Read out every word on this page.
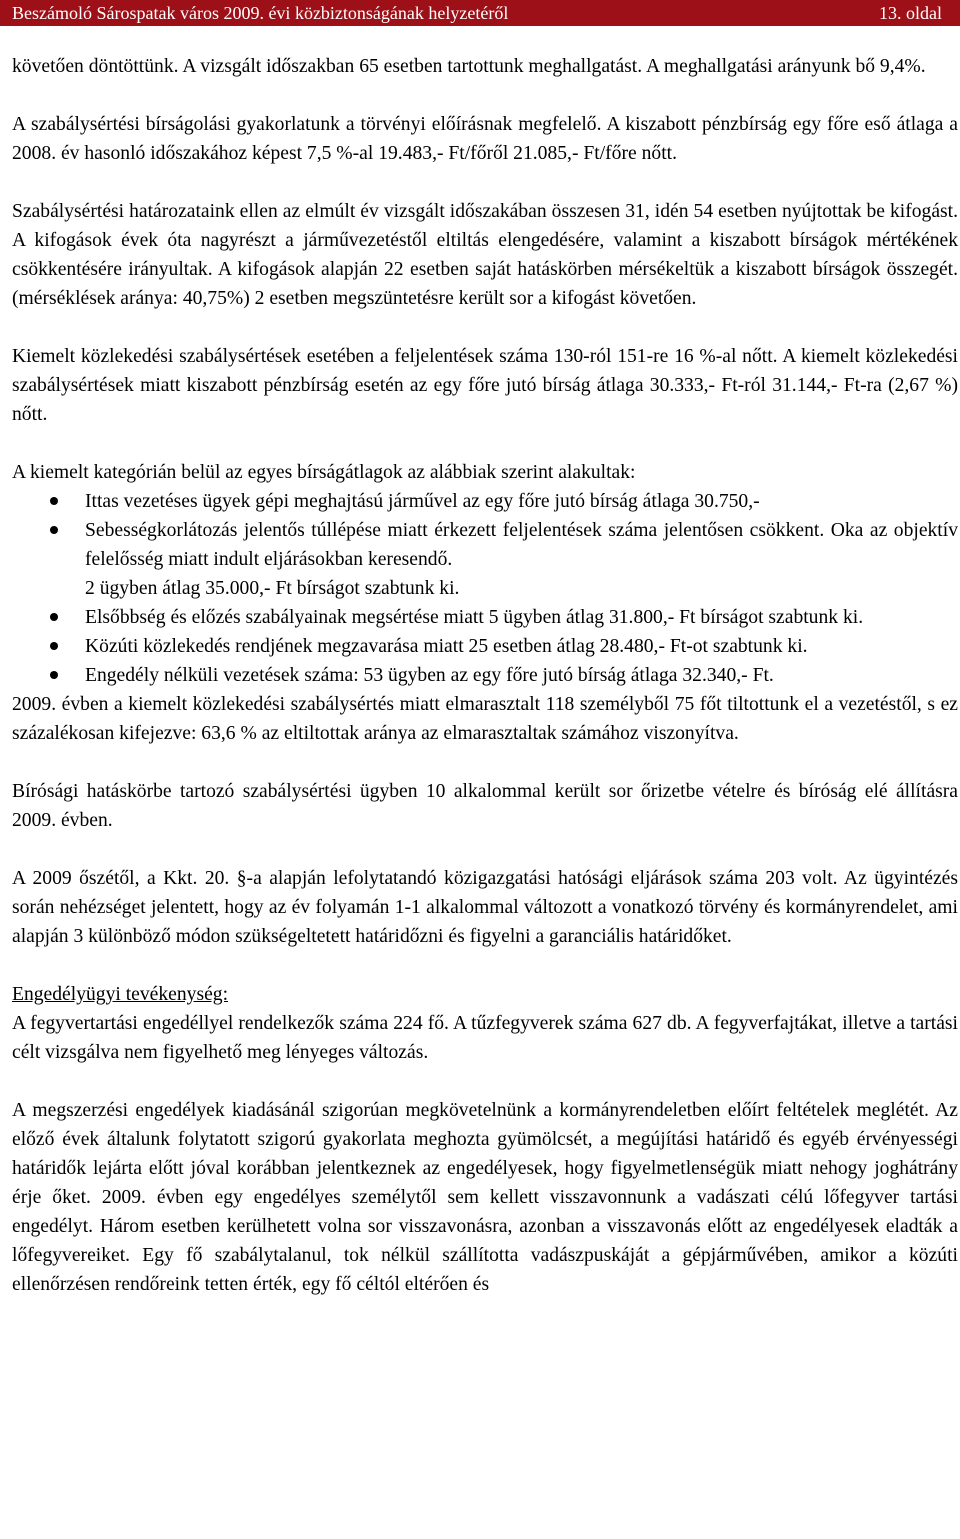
Beszámoló Sárospatak város 2009. évi közbiztonságának helyzetéről	13. oldal

követően döntöttünk. A vizsgált időszakban 65 esetben tartottunk meghallgatást. A meghallgatási arányunk bő 9,4%.

A szabálysértési bírságolási gyakorlatunk a törvényi előírásnak megfelelő. A kiszabott pénzbírság egy főre eső átlaga a 2008. év hasonló időszakához képest 7,5 %-al 19.483,- Ft/főről 21.085,- Ft/főre nőtt.

Szabálysértési határozataink ellen az elmúlt év vizsgált időszakában összesen 31, idén 54 esetben nyújtottak be kifogást. A kifogások évek óta nagyrészt a járművezetéstől eltiltás elengedésére, valamint a kiszabott bírságok mértékének csökkentésére irányultak. A kifogások alapján 22 esetben saját hatáskörben mérsékeltük a kiszabott bírságok összegét.(mérséklések aránya: 40,75%) 2 esetben megszüntetésre került sor a kifogást követően.

Kiemelt közlekedési szabálysértések esetében a feljelentések száma 130-ról 151-re 16 %-al nőtt. A kiemelt közlekedési szabálysértések miatt kiszabott pénzbírság esetén az egy főre jutó bírság átlaga 30.333,- Ft-ról 31.144,- Ft-ra (2,67 %) nőtt.

A kiemelt kategórián belül az egyes bírságátlagok az alábbiak szerint alakultak:

Ittas vezetéses ügyek gépi meghajtású járművel az egy főre jutó bírság átlaga 30.750,-
Sebességkorlátozás jelentős túllépése miatt érkezett feljelentések száma jelentősen csökkent. Oka az objektív felelősség miatt indult eljárásokban keresendő.
2 ügyben átlag 35.000,- Ft bírságot szabtunk ki.
Elsőbbség és előzés szabályainak megsértése miatt 5 ügyben átlag 31.800,- Ft bírságot szabtunk ki.
Közúti közlekedés rendjének megzavarása miatt 25 esetben átlag 28.480,- Ft-ot szabtunk ki.
Engedély nélküli vezetések száma: 53 ügyben az egy főre jutó bírság átlaga 32.340,- Ft.

2009. évben a kiemelt közlekedési szabálysértés miatt elmarasztalt 118 személyből 75 főt tiltottunk el a vezetéstől, s ez százalékosan kifejezve: 63,6 % az eltiltottak aránya az elmarasztaltak számához viszonyítva.

Bírósági hatáskörbe tartozó szabálysértési ügyben 10 alkalommal került sor őrizetbe vételre és bíróság elé állításra 2009. évben.

A 2009 őszétől, a Kkt. 20. §-a alapján lefolytatandó közigazgatási hatósági eljárások száma 203 volt. Az ügyintézés során nehézséget jelentett, hogy az év folyamán 1-1 alkalommal változott a vonatkozó törvény és kormányrendelet, ami alapján 3 különböző módon szükségeltetett határidőzni és figyelni a garanciális határidőket.

Engedélyügyi tevékenység:

A fegyvertartási engedéllyel rendelkezők száma 224 fő. A tűzfegyverek száma 627 db. A fegyverfajtákat, illetve a tartási célt vizsgálva nem figyelhető meg lényeges változás.

A megszerzési engedélyek kiadásánál szigorúan megkövetelnünk a kormányrendeletben előírt feltételek meglétét. Az előző évek általunk folytatott szigorú gyakorlata meghozta gyümölcsét, a megújítási határidő és egyéb érvényességi határidők lejárta előtt jóval korábban jelentkeznek az engedélyesek, hogy figyelmetlenségük miatt nehogy joghátrány érje őket. 2009. évben egy engedélyes személytől sem kellett visszavonnunk a vadászati célú lőfegyver tartási engedélyt. Három esetben kerülhetett volna sor visszavonásra, azonban a visszavonás előtt az engedélyesek eladták a lőfegyvereiket. Egy fő szabálytalanul, tok nélkül szállította vadászpuskáját a gépjárművében, amikor a közúti ellenőrzésen rendőreink tetten érték, egy fő céltól eltérően és
